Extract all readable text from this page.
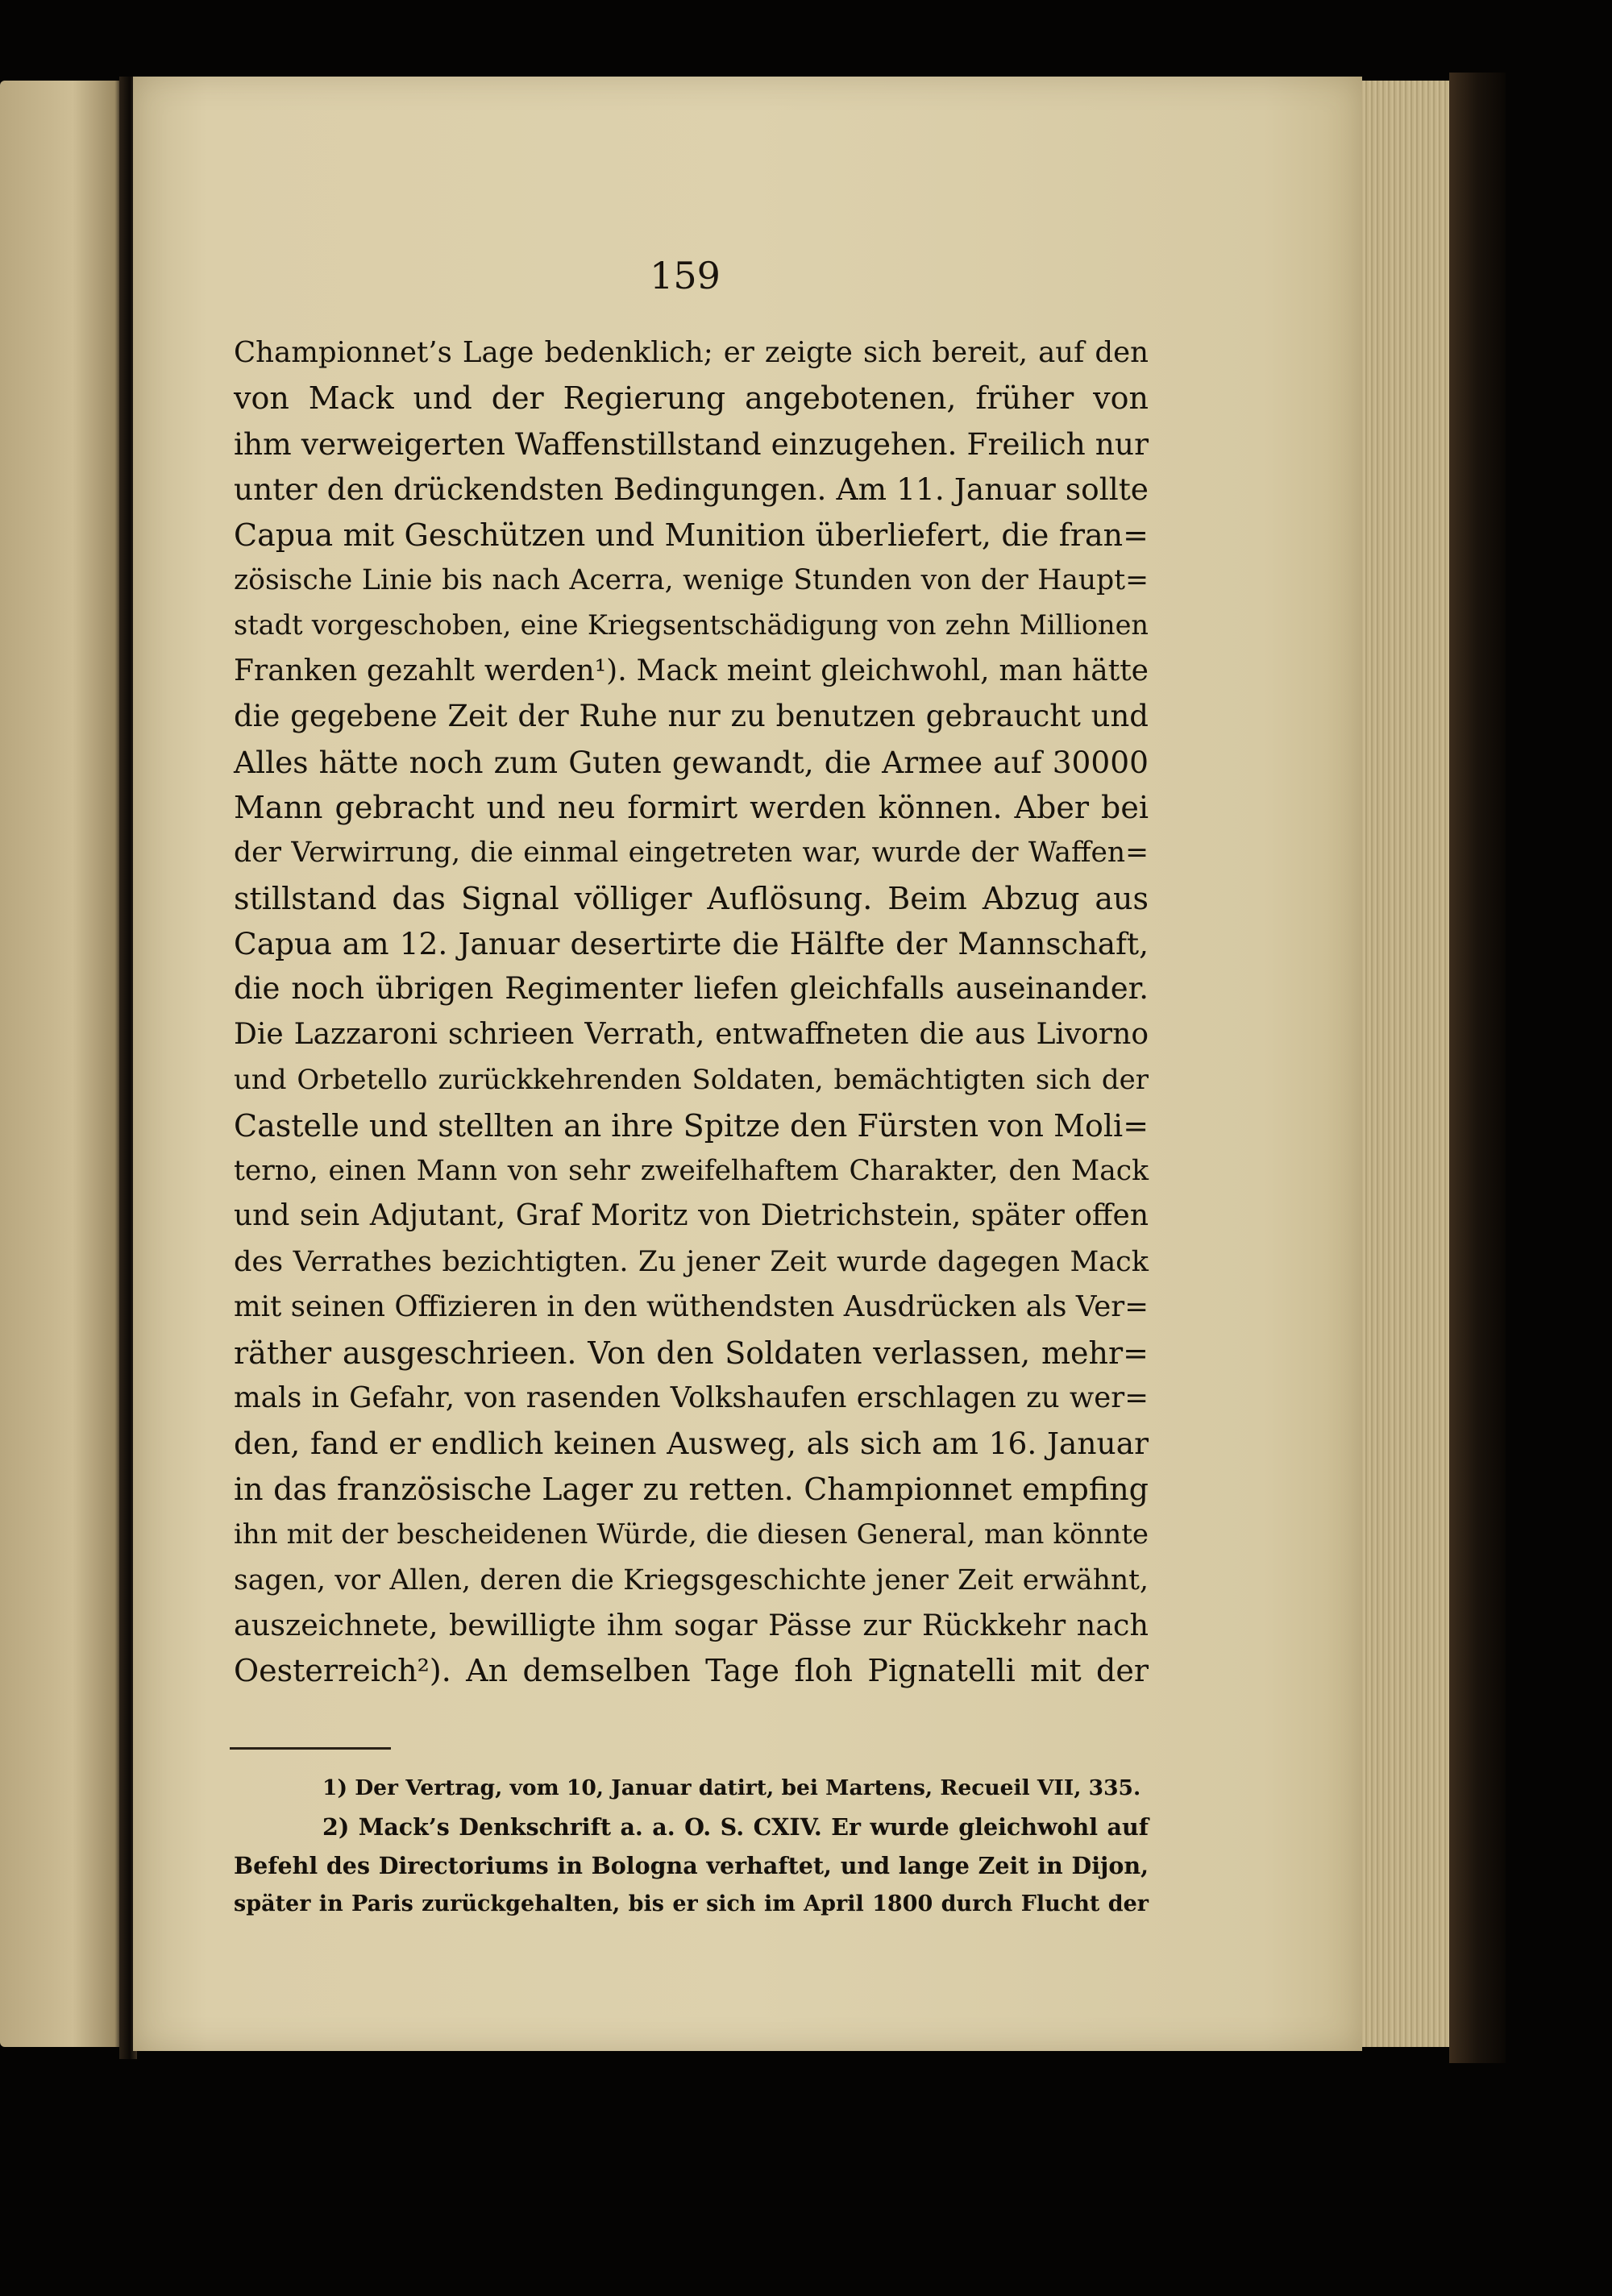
159
Championnet’s Lage bedenklich; er zeigte sich bereit, auf den
von Mack und der Regierung angebotenen, früher von
ihm verweigerten Waffenstillstand einzugehen. Freilich nur
unter den drückendsten Bedingungen. Am 11. Januar sollte
Capua mit Geschützen und Munition überliefert, die fran=
zösische Linie bis nach Acerra, wenige Stunden von der Haupt=
stadt vorgeschoben, eine Kriegsentschädigung von zehn Millionen
Franken gezahlt werden¹). Mack meint gleichwohl, man hätte
die gegebene Zeit der Ruhe nur zu benutzen gebraucht und
Alles hätte noch zum Guten gewandt, die Armee auf 30000
Mann gebracht und neu formirt werden können. Aber bei
der Verwirrung, die einmal eingetreten war, wurde der Waffen=
stillstand das Signal völliger Auflösung. Beim Abzug aus
Capua am 12. Januar desertirte die Hälfte der Mannschaft,
die noch übrigen Regimenter liefen gleichfalls auseinander.
Die Lazzaroni schrieen Verrath, entwaffneten die aus Livorno
und Orbetello zurückkehrenden Soldaten, bemächtigten sich der
Castelle und stellten an ihre Spitze den Fürsten von Moli=
terno, einen Mann von sehr zweifelhaftem Charakter, den Mack
und sein Adjutant, Graf Moritz von Dietrichstein, später offen
des Verrathes bezichtigten. Zu jener Zeit wurde dagegen Mack
mit seinen Offizieren in den wüthendsten Ausdrücken als Ver=
räther ausgeschrieen. Von den Soldaten verlassen, mehr=
mals in Gefahr, von rasenden Volkshaufen erschlagen zu wer=
den, fand er endlich keinen Ausweg, als sich am 16. Januar
in das französische Lager zu retten. Championnet empfing
ihn mit der bescheidenen Würde, die diesen General, man könnte
sagen, vor Allen, deren die Kriegsgeschichte jener Zeit erwähnt,
auszeichnete, bewilligte ihm sogar Pässe zur Rückkehr nach
Oesterreich²). An demselben Tage floh Pignatelli mit der
1) Der Vertrag, vom 10, Januar datirt, bei Martens, Recueil VII, 335.
2) Mack’s Denkschrift a. a. O. S. CXIV. Er wurde gleichwohl auf
Befehl des Directoriums in Bologna verhaftet, und lange Zeit in Dijon,
später in Paris zurückgehalten, bis er sich im April 1800 durch Flucht der
